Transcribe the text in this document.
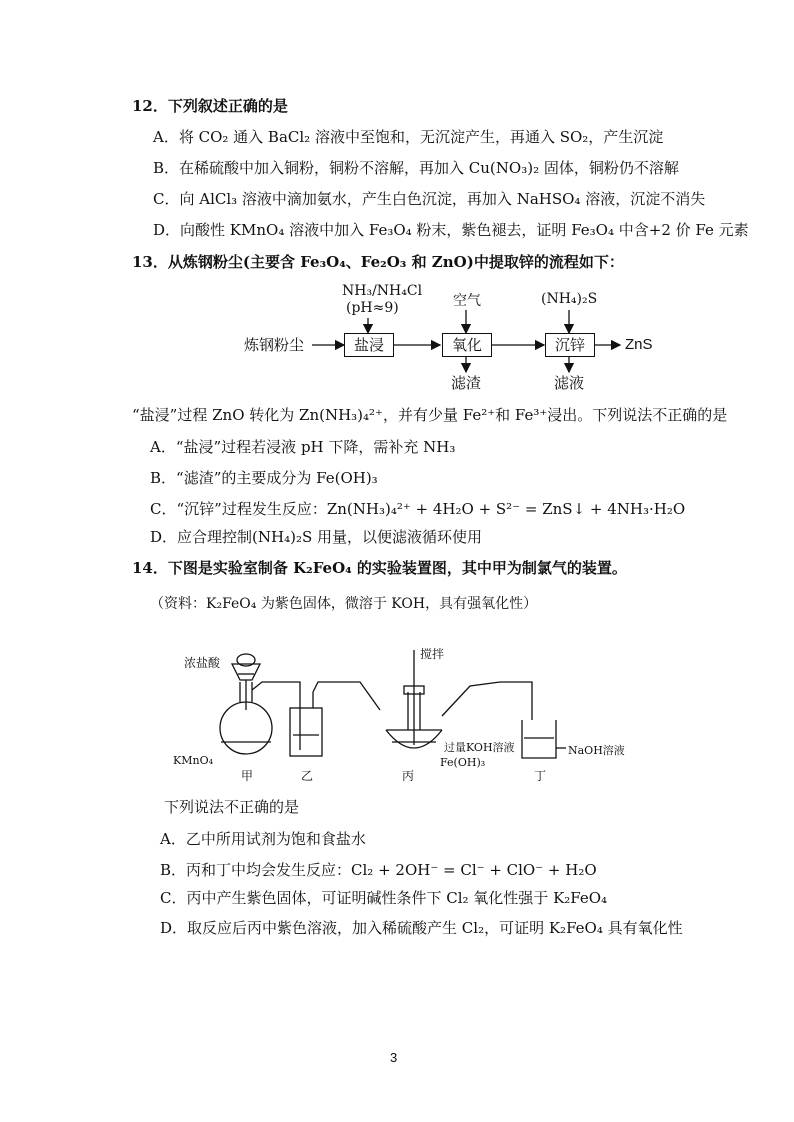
12．下列叙述正确的是
A．将 CO₂ 通入 BaCl₂ 溶液中至饱和，无沉淀产生，再通入 SO₂，产生沉淀
B．在稀硫酸中加入铜粉，铜粉不溶解，再加入 Cu(NO₃)₂ 固体，铜粉仍不溶解
C．向 AlCl₃ 溶液中滴加氨水，产生白色沉淀，再加入 NaHSO₄ 溶液，沉淀不消失
D．向酸性 KMnO₄ 溶液中加入 Fe₃O₄ 粉末，紫色褪去，证明 Fe₃O₄ 中含+2 价 Fe 元素
13．从炼钢粉尘(主要含 Fe₃O₄、Fe₂O₃ 和 ZnO)中提取锌的流程如下：
NH₃/NH₄Cl
(pH≈9)	空气	(NH₄)₂S
炼钢粉尘	盐浸	氧化	沉锌	ZnS
滤渣	滤液
“盐浸”过程 ZnO 转化为 Zn(NH₃)₄²⁺，并有少量 Fe²⁺和 Fe³⁺浸出。下列说法不正确的是
A．“盐浸”过程若浸液 pH 下降，需补充 NH₃
B．“滤渣”的主要成分为 Fe(OH)₃
C．“沉锌”过程发生反应：Zn(NH₃)₄²⁺ + 4H₂O + S²⁻ = ZnS↓ + 4NH₃·H₂O
D．应合理控制(NH₄)₂S 用量，以便滤液循环使用
14．下图是实验室制备 K₂FeO₄ 的实验装置图，其中甲为制氯气的装置。
（资料：K₂FeO₄ 为紫色固体，微溶于 KOH，具有强氧化性）
浓盐酸
搅拌
KMnO₄
甲	乙	丙	丁
过量KOH溶液
Fe(OH)₃
NaOH溶液
下列说法不正确的是
A．乙中所用试剂为饱和食盐水
B．丙和丁中均会发生反应：Cl₂ + 2OH⁻ = Cl⁻ + ClO⁻ + H₂O
C．丙中产生紫色固体，可证明碱性条件下 Cl₂ 氧化性强于 K₂FeO₄
D．取反应后丙中紫色溶液，加入稀硫酸产生 Cl₂，可证明 K₂FeO₄ 具有氧化性
3
